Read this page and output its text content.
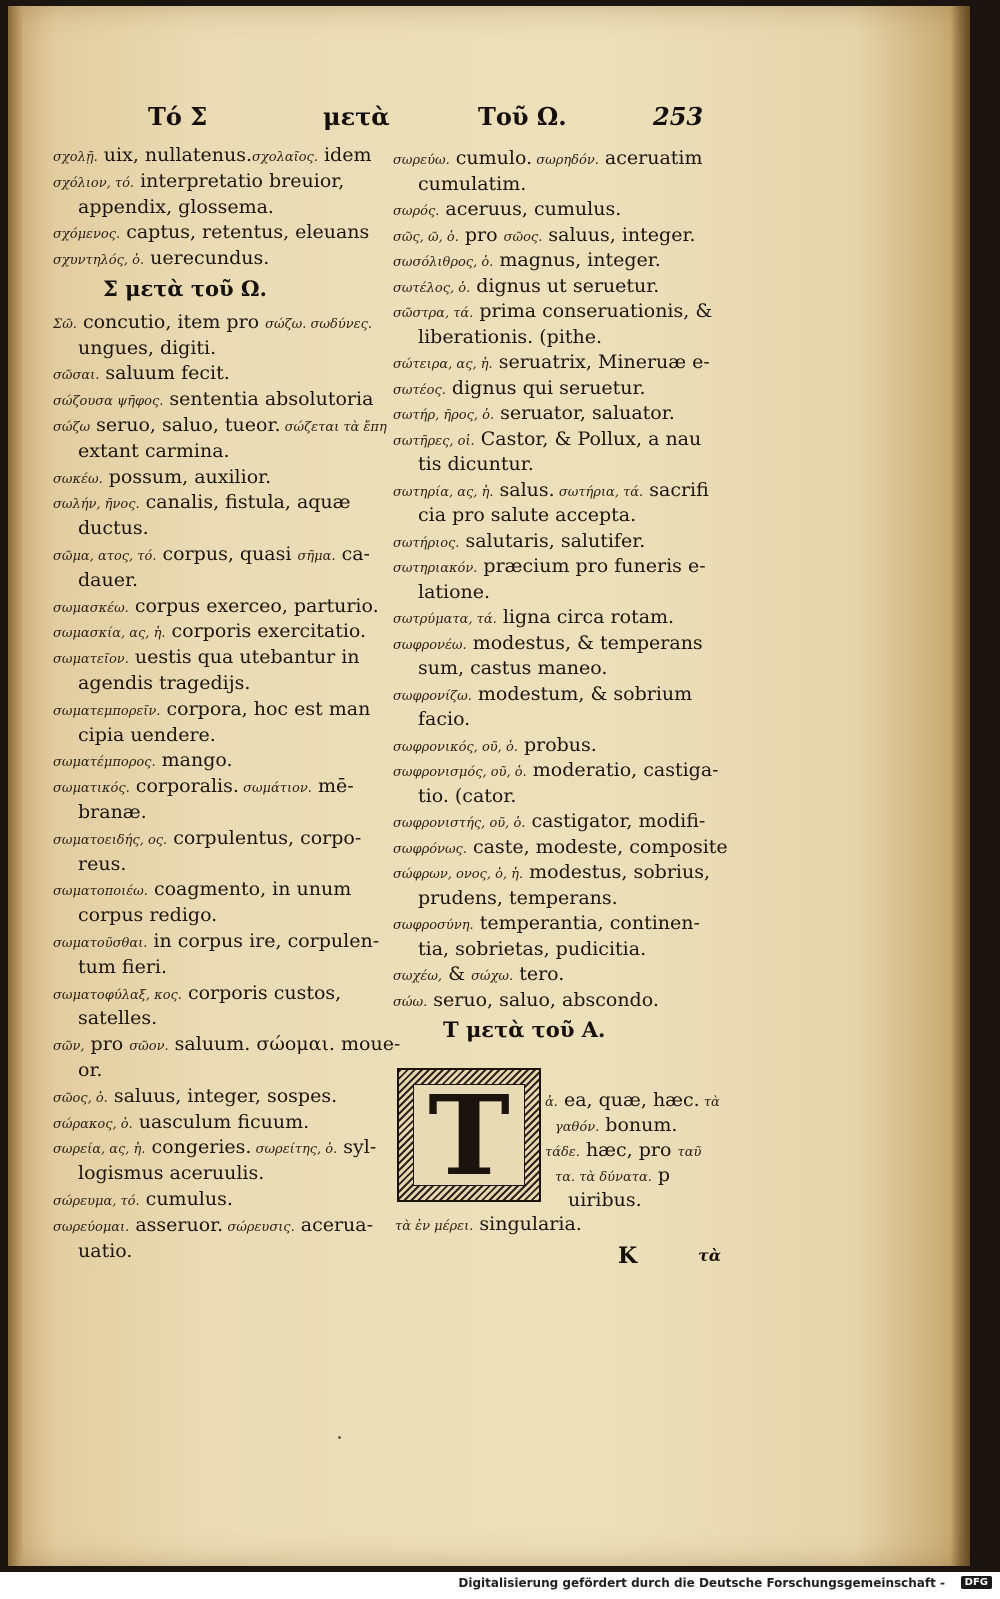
Τό Σ	μετὰ	Τοῦ Ω.	253
σχολῇ. uix, nullatenus.σχολαῖος. idem
σχόλιον, τό. interpretatio breuior,
appendix, glossema.
σχόμενος. captus, retentus, eleuans
σχυντηλός, ὁ. uerecundus.
Σ μετὰ τοῦ Ω.
Σῶ. concutio, item pro σώζω. σωδύνες.
ungues, digiti.
σῶσαι. saluum fecit.
σώζουσα ψῆφος. sententia absolutoria
σώζω seruo, saluo, tueor. σώζεται τὰ ἔπη
extant carmina.
σωκέω. possum, auxilior.
σωλήν, ῆνος. canalis, fistula, aquæ
ductus.
σῶμα, ατος, τό. corpus, quasi σῆμα. ca-
dauer.
σωμασκέω. corpus exerceo, parturio.
σωμασκία, ας, ἡ. corporis exercitatio.
σωματεῖον. uestis qua utebantur in
agendis tragedijs.
σωματεμπορεῖν. corpora, hoc est man
cipia uendere.
σωματέμπορος. mango.
σωματικός. corporalis. σωμάτιον. mē-
branæ.
σωματοειδής, ος. corpulentus, corpo-
reus.
σωματοποιέω. coagmento, in unum
corpus redigo.
σωματοῦσθαι. in corpus ire, corpulen-
tum fieri.
σωματοφύλαξ, κος. corporis custos,
satelles.
σῶν, pro σῶον. saluum. σώομαι. moue-
or.
σῶος, ὁ. saluus, integer, sospes.
σώρακος, ὁ. uasculum ficuum.
σωρεία, ας, ἡ. congeries. σωρείτης, ὁ. syl-
logismus aceruulis.
σώρευμα, τό. cumulus.
σωρεύομαι. asseruor. σώρευσις. acerua-
uatio.
σωρεύω. cumulo. σωρηδόν. aceruatim
cumulatim.
σωρός. aceruus, cumulus.
σῶς, ῶ, ὁ. pro σῶος. saluus, integer.
σωσόλιθρος, ὁ. magnus, integer.
σωτέλος, ὁ. dignus ut seruetur.
σῶστρα, τά. prima conseruationis, &
liberationis. (pithe.
σώτειρα, ας, ἡ. seruatrix, Mineruæ e-
σωτέος. dignus qui seruetur.
σωτήρ, ῆρος, ὁ. seruator, saluator.
σωτῆρες, οἱ. Castor, & Pollux, a nau
tis dicuntur.
σωτηρία, ας, ἡ. salus. σωτήρια, τά. sacrifi
cia pro salute accepta.
σωτήριος. salutaris, salutifer.
σωτηριακόν. præcium pro funeris e-
latione.
σωτρύματα, τά. ligna circa rotam.
σωφρονέω. modestus, & temperans
sum, castus maneo.
σωφρονίζω. modestum, & sobrium
facio.
σωφρονικός, οῦ, ὁ. probus.
σωφρονισμός, οῦ, ὁ. moderatio, castiga-
tio. (cator.
σωφρονιστής, οῦ, ὁ. castigator, modifi-
σωφρόνως. caste, modeste, composite
σώφρων, ονος, ὁ, ἡ. modestus, sobrius,
prudens, temperans.
σωφροσύνη. temperantia, continen-
tia, sobrietas, pudicitia.
σωχέω, & σώχω. tero.
σώω. seruo, saluo, abscondo.
Τ μετὰ τοῦ Α.
T	ἀ. ea, quæ, hæc. τὰ
γαθόν. bonum.
τάδε. hæc, pro ταῦ
τα. τὰ δύνατα. p
uiribus.
τὰ ἐν μέρει. singularia.
K	τὰ
Digitalisierung gefördert durch die Deutsche Forschungsgemeinschaft -	DFG
